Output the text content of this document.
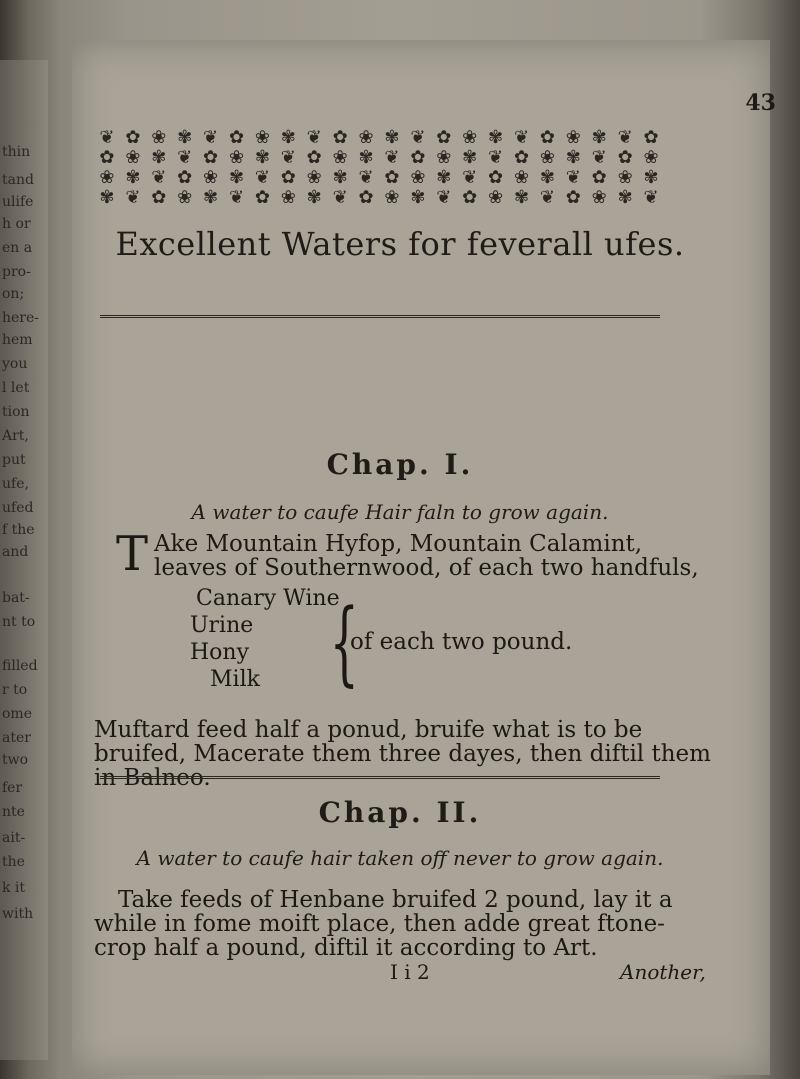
thin
tand
ulife
h or
en a
pro-
on;
here-
hem
you
l let
tion
Art,
put
ufe,
ufed
f the
and
bat-
nt to
filled
r to
ome
ater
two
fer
nte
ait-
the
k it
with
43
❦ ✿ ❀ ✾ ❦ ✿ ❀ ✾ ❦ ✿ ❀ ✾ ❦ ✿ ❀ ✾ ❦ ✿ ❀ ✾ ❦ ✿
✿ ❀ ✾ ❦ ✿ ❀ ✾ ❦ ✿ ❀ ✾ ❦ ✿ ❀ ✾ ❦ ✿ ❀ ✾ ❦ ✿ ❀
❀ ✾ ❦ ✿ ❀ ✾ ❦ ✿ ❀ ✾ ❦ ✿ ❀ ✾ ❦ ✿ ❀ ✾ ❦ ✿ ❀ ✾
✾ ❦ ✿ ❀ ✾ ❦ ✿ ❀ ✾ ❦ ✿ ❀ ✾ ❦ ✿ ❀ ✾ ❦ ✿ ❀ ✾ ❦
Excellent Waters for feverall ufes.
Chap. I.
A water to caufe Hair faln to grow again.
T Ake Mountain Hyfop, Mountain Calamint, leaves of Southernwood, of each two handfuls,
Canary Wine
Urine
Hony
Milk {
of each two pound.
Muftard feed half a ponud, bruife what is to be bruifed, Macerate them three dayes, then diftil them in Balneo.
Chap. II.
A water to caufe hair taken off never to grow again.
Take feeds of Henbane bruifed 2 pound, lay it a while in fome moift place, then adde great ftone-crop half a pound, diftil it according to Art.
I i 2	Another,
